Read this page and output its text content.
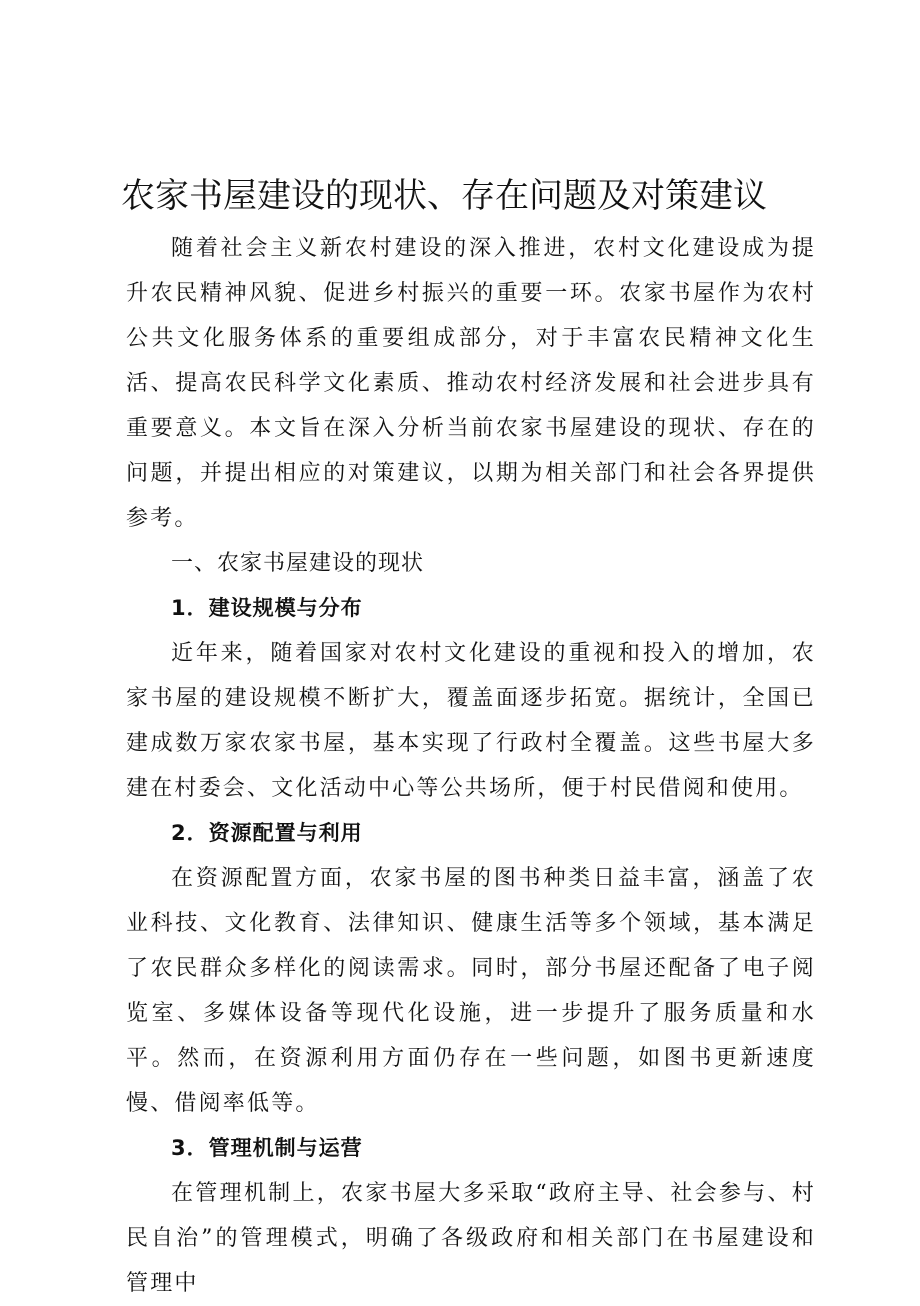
农家书屋建设的现状、存在问题及对策建议

随着社会主义新农村建设的深入推进，农村文化建设成为提升农民精神风貌、促进乡村振兴的重要一环。农家书屋作为农村公共文化服务体系的重要组成部分，对于丰富农民精神文化生活、提高农民科学文化素质、推动农村经济发展和社会进步具有重要意义。本文旨在深入分析当前农家书屋建设的现状、存在的问题，并提出相应的对策建议，以期为相关部门和社会各界提供参考。

一、农家书屋建设的现状

1．建设规模与分布

近年来，随着国家对农村文化建设的重视和投入的增加，农家书屋的建设规模不断扩大，覆盖面逐步拓宽。据统计，全国已建成数万家农家书屋，基本实现了行政村全覆盖。这些书屋大多建在村委会、文化活动中心等公共场所，便于村民借阅和使用。

2．资源配置与利用

在资源配置方面，农家书屋的图书种类日益丰富，涵盖了农业科技、文化教育、法律知识、健康生活等多个领域，基本满足了农民群众多样化的阅读需求。同时，部分书屋还配备了电子阅览室、多媒体设备等现代化设施，进一步提升了服务质量和水平。然而，在资源利用方面仍存在一些问题，如图书更新速度慢、借阅率低等。

3．管理机制与运营

在管理机制上，农家书屋大多采取“政府主导、社会参与、村民自治”的管理模式，明确了各级政府和相关部门在书屋建设和管理中
